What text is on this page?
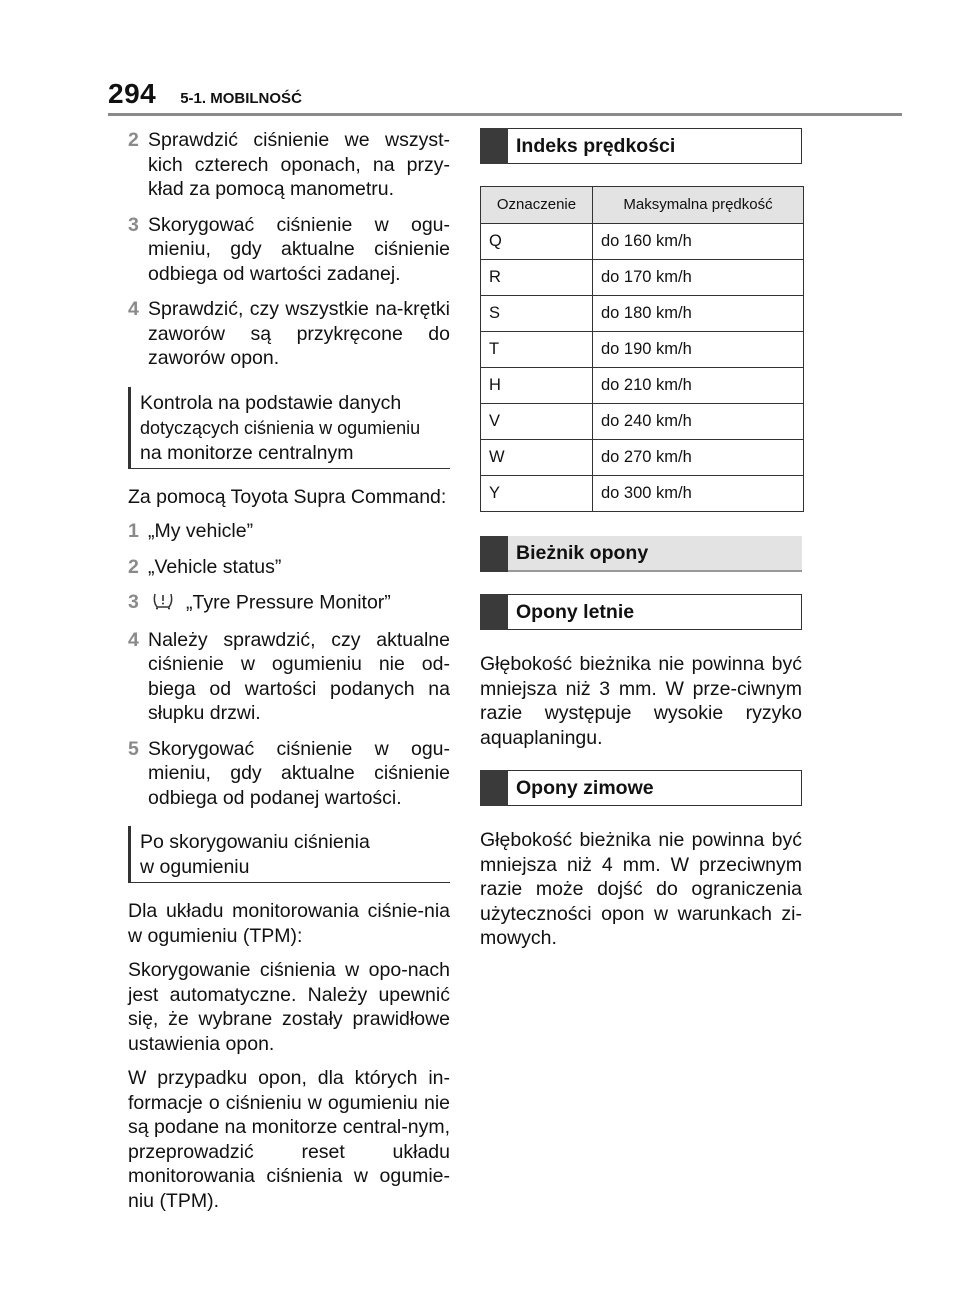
294 5-1. MOBILNOŚĆ
2 Sprawdzić ciśnienie we wszyst-kich czterech oponach, na przy-kład za pomocą manometru.
3 Skorygować ciśnienie w ogu-mieniu, gdy aktualne ciśnienie odbiega od wartości zadanej.
4 Sprawdzić, czy wszystkie na-krętki zaworów są przykręcone do zaworów opon.
Kontrola na podstawie danych
dotyczących ciśnienia w ogumieniu
na monitorze centralnym

Za pomocą Toyota Supra Command:

1 „My vehicle”
2 „Vehicle status”
3	„Tyre Pressure Monitor”
4 Należy sprawdzić, czy aktualne ciśnienie w ogumieniu nie od-biega od wartości podanych na słupku drzwi.
5 Skorygować ciśnienie w ogu-mieniu, gdy aktualne ciśnienie odbiega od podanej wartości.
Po skorygowaniu ciśnienia
w ogumieniu

Dla układu monitorowania ciśnie-nia w ogumieniu (TPM):

Skorygowanie ciśnienia w opo-nach jest automatyczne. Należy upewnić się, że wybrane zostały prawidłowe ustawienia opon.

W przypadku opon, dla których in-formacje o ciśnieniu w ogumieniu nie są podane na monitorze central-nym, przeprowadzić reset układu monitorowania ciśnienia w ogumie-niu (TPM).

Indeks prędkości
Oznaczenie	Maksymalna prędkość
Q	do 160 km/h
R	do 170 km/h
S	do 180 km/h
T	do 190 km/h
H	do 210 km/h
V	do 240 km/h
W	do 270 km/h
Y	do 300 km/h
Bieżnik opony
Opony letnie

Głębokość bieżnika nie powinna być mniejsza niż 3 mm. W prze-ciwnym razie występuje wysokie ryzyko aquaplaningu.

Opony zimowe

Głębokość bieżnika nie powinna być mniejsza niż 4 mm. W przeciwnym razie może dojść do ograniczenia użyteczności opon w warunkach zi-mowych.
